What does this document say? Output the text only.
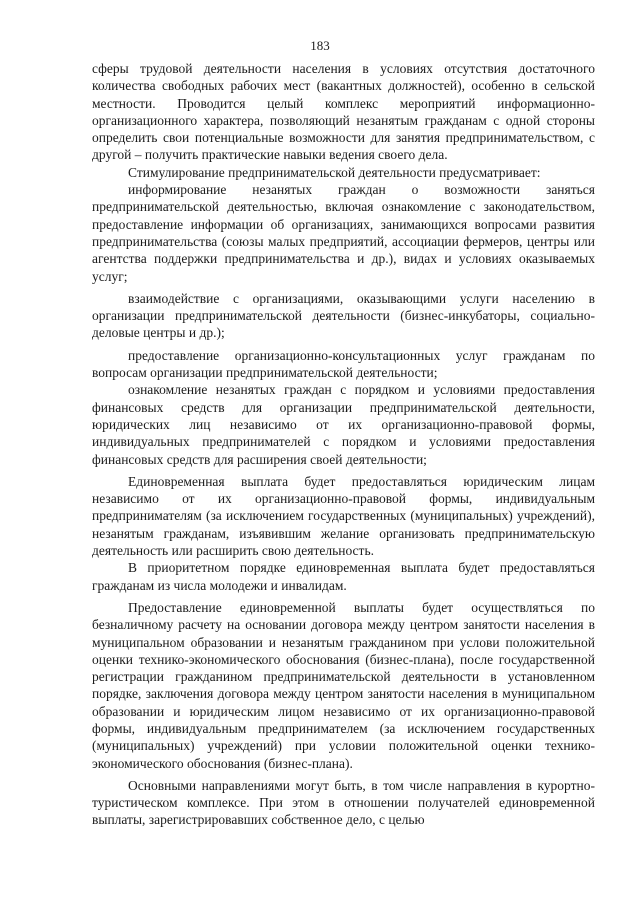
183

сферы трудовой деятельности населения в условиях отсутствия достаточного количества свободных рабочих мест (вакантных должностей), особенно в сельской местности. Проводится целый комплекс мероприятий информационно-организационного характера, позволяющий незанятым гражданам с одной стороны определить свои потенциальные возможности для занятия предпринимательством, с другой – получить практические навыки ведения своего дела.

Стимулирование предпринимательской деятельности предусматривает:

информирование незанятых граждан о возможности заняться предпринимательской деятельностью, включая ознакомление с законодательством, предоставление информации об организациях, занимающихся вопросами развития предпринимательства (союзы малых предприятий, ассоциации фермеров, центры или агентства поддержки предпринимательства и др.), видах и условиях оказываемых услуг;

взаимодействие с организациями, оказывающими услуги населению в организации предпринимательской деятельности (бизнес-инкубаторы, социально-деловые центры и др.);

предоставление организационно-консультационных услуг гражданам по вопросам организации предпринимательской деятельности;

ознакомление незанятых граждан с порядком и условиями предоставления финансовых средств для организации предпринимательской деятельности, юридических лиц независимо от их организационно-правовой формы, индивидуальных предпринимателей с порядком и условиями предоставления финансовых средств для расширения своей деятельности;

Единовременная выплата будет предоставляться юридическим лицам независимо от их организационно-правовой формы, индивидуальным предпринимателям (за исключением государственных (муниципальных) учреждений), незанятым гражданам, изъявившим желание организовать предпринимательскую деятельность или расширить свою деятельность.

В приоритетном порядке единовременная выплата будет предоставляться гражданам из числа молодежи и инвалидам.

Предоставление единовременной выплаты будет осуществляться по безналичному расчету на основании договора между центром занятости населения в муниципальном образовании и незанятым гражданином при услови положительной оценки технико-экономического обоснования (бизнес-плана), после государственной регистрации гражданином предпринимательской деятельности в установленном порядке, заключения договора между центром занятости населения в муниципальном образовании и юридическим лицом независимо от их организационно-правовой формы, индивидуальным предпринимателем (за исключением государственных (муниципальных) учреждений) при условии положительной оценки технико-экономического обоснования (бизнес-плана).

Основными направлениями могут быть, в том числе направления в курортно-туристическом комплексе. При этом в отношении получателей единовременной выплаты, зарегистрировавших собственное дело, с целью
